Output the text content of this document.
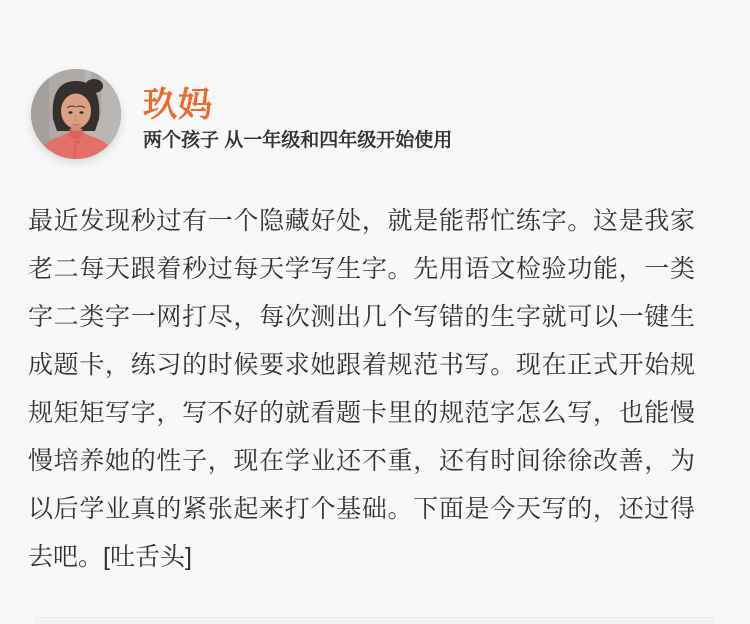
玖妈
两个孩子 从一年级和四年级开始使用
最近发现秒过有一个隐藏好处，就是能帮忙练字。这是我家
老二每天跟着秒过每天学写生字。先用语文检验功能，一类
字二类字一网打尽，每次测出几个写错的生字就可以一键生
成题卡，练习的时候要求她跟着规范书写。现在正式开始规
规矩矩写字，写不好的就看题卡里的规范字怎么写，也能慢
慢培养她的性子，现在学业还不重，还有时间徐徐改善，为
以后学业真的紧张起来打个基础。下面是今天写的，还过得
去吧。[吐舌头]
